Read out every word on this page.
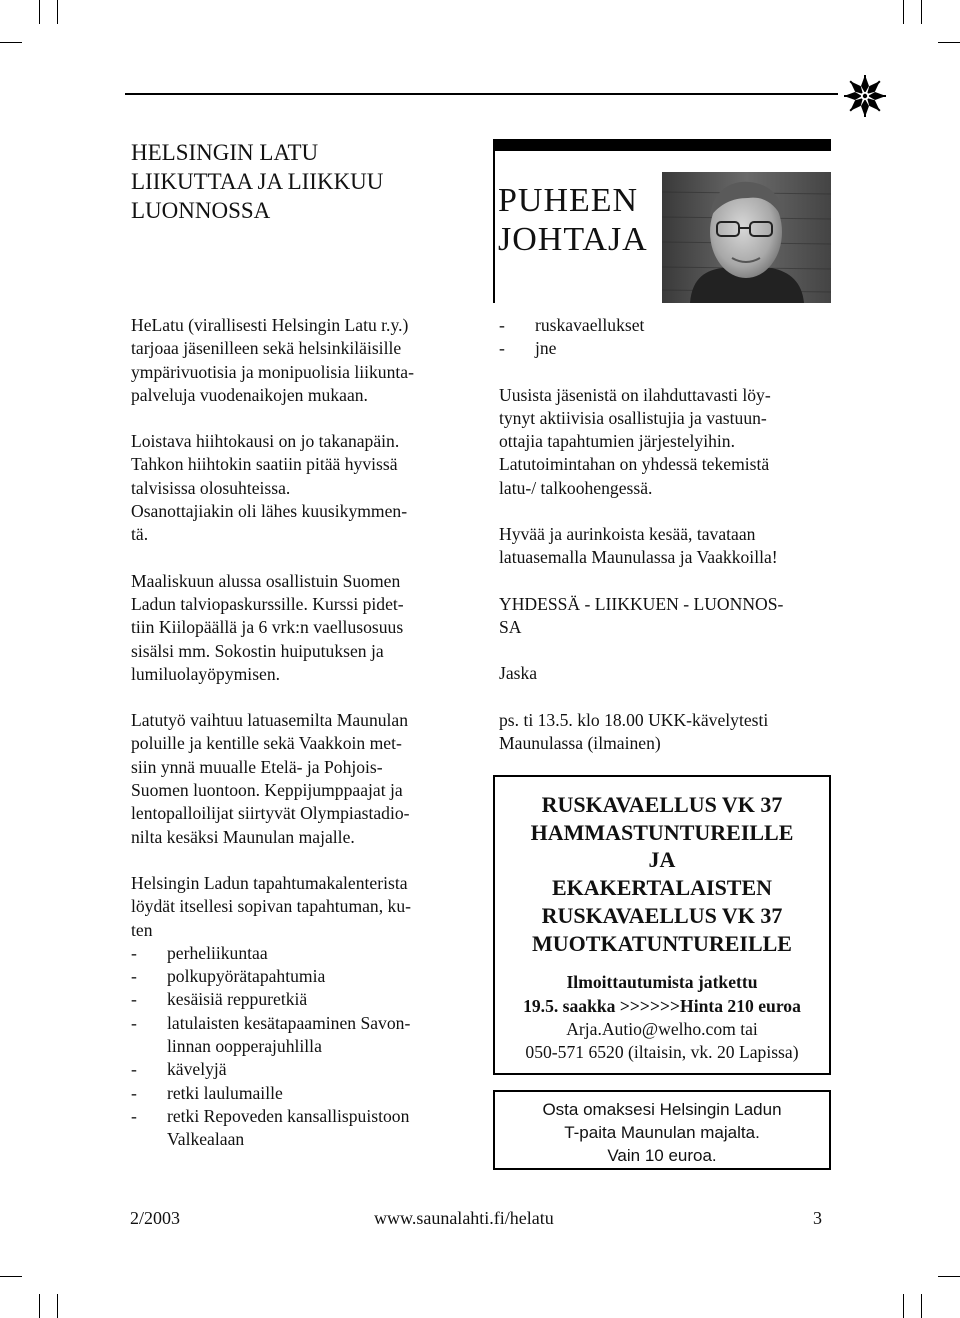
HELSINGIN LATU
LIIKUTTAA JA LIIKKUU
LUONNOSSA	PUHEEN
JOHTAJA

HeLatu (virallisesti Helsingin Latu r.y.)
tarjoaa jäsenilleen sekä helsinkiläisille
ympärivuotisia ja monipuolisia liikunta-
palveluja vuodenaikojen mukaan.

Loistava hiihtokausi on jo takanapäin.
Tahkon hiihtokin saatiin pitää hyvissä
talvisissa olosuhteissa.
Osanottajiakin oli lähes kuusikymmen-
tä.

Maaliskuun alussa osallistuin Suomen
Ladun talviopaskurssille. Kurssi pidet-
tiin Kiilopäällä ja 6 vrk:n vaellusosuus
sisälsi mm. Sokostin huiputuksen ja
lumiluolayöpymisen.

Latutyö vaihtuu latuasemilta Maunulan
poluille ja kentille sekä Vaakkoin met-
siin ynnä muualle Etelä- ja Pohjois-
Suomen luontoon. Keppijumppaajat ja
lentopalloilijat siirtyvät Olympiastadio-
nilta kesäksi Maunulan majalle.

Helsingin Ladun tapahtumakalenterista
löydät itsellesi sopivan tapahtuman, ku-
ten

-	perheliikuntaa
-	polkupyörätapahtumia
-	kesäisiä reppuretkiä
-	latulaisten kesätapaaminen Savon-
linnan oopperajuhlilla
-	kävelyjä
-	retki laulumaille
-	retki Repoveden kansallispuistoon
Valkealaan
-	ruskavaellukset
-	jne

Uusista jäsenistä on ilahduttavasti löy-
tynyt aktiivisia osallistujia ja vastuun-
ottajia tapahtumien järjestelyihin.
Latutoimintahan on yhdessä tekemistä
latu-/ talkoohengessä.

Hyvää ja aurinkoista kesää, tavataan
latuasemalla Maunulassa ja Vaakkoilla!

YHDESSÄ - LIIKKUEN - LUONNOS-
SA

Jaska

ps. ti 13.5. klo 18.00 UKK-kävelytesti
Maunulassa (ilmainen)

RUSKAVAELLUS VK 37
HAMMASTUNTUREILLE
JA
EKAKERTALAISTEN
RUSKAVAELLUS VK 37
MUOTKATUNTUREILLE
Ilmoittautumista jatkettu
19.5. saakka >>>>>>Hinta 210 euroa
Arja.Autio@welho.com tai
050-571 6520 (iltaisin, vk. 20 Lapissa)
Osta omaksesi Helsingin Ladun
T-paita Maunulan majalta.
Vain 10 euroa.
2/2003	www.saunalahti.fi/helatu	3
